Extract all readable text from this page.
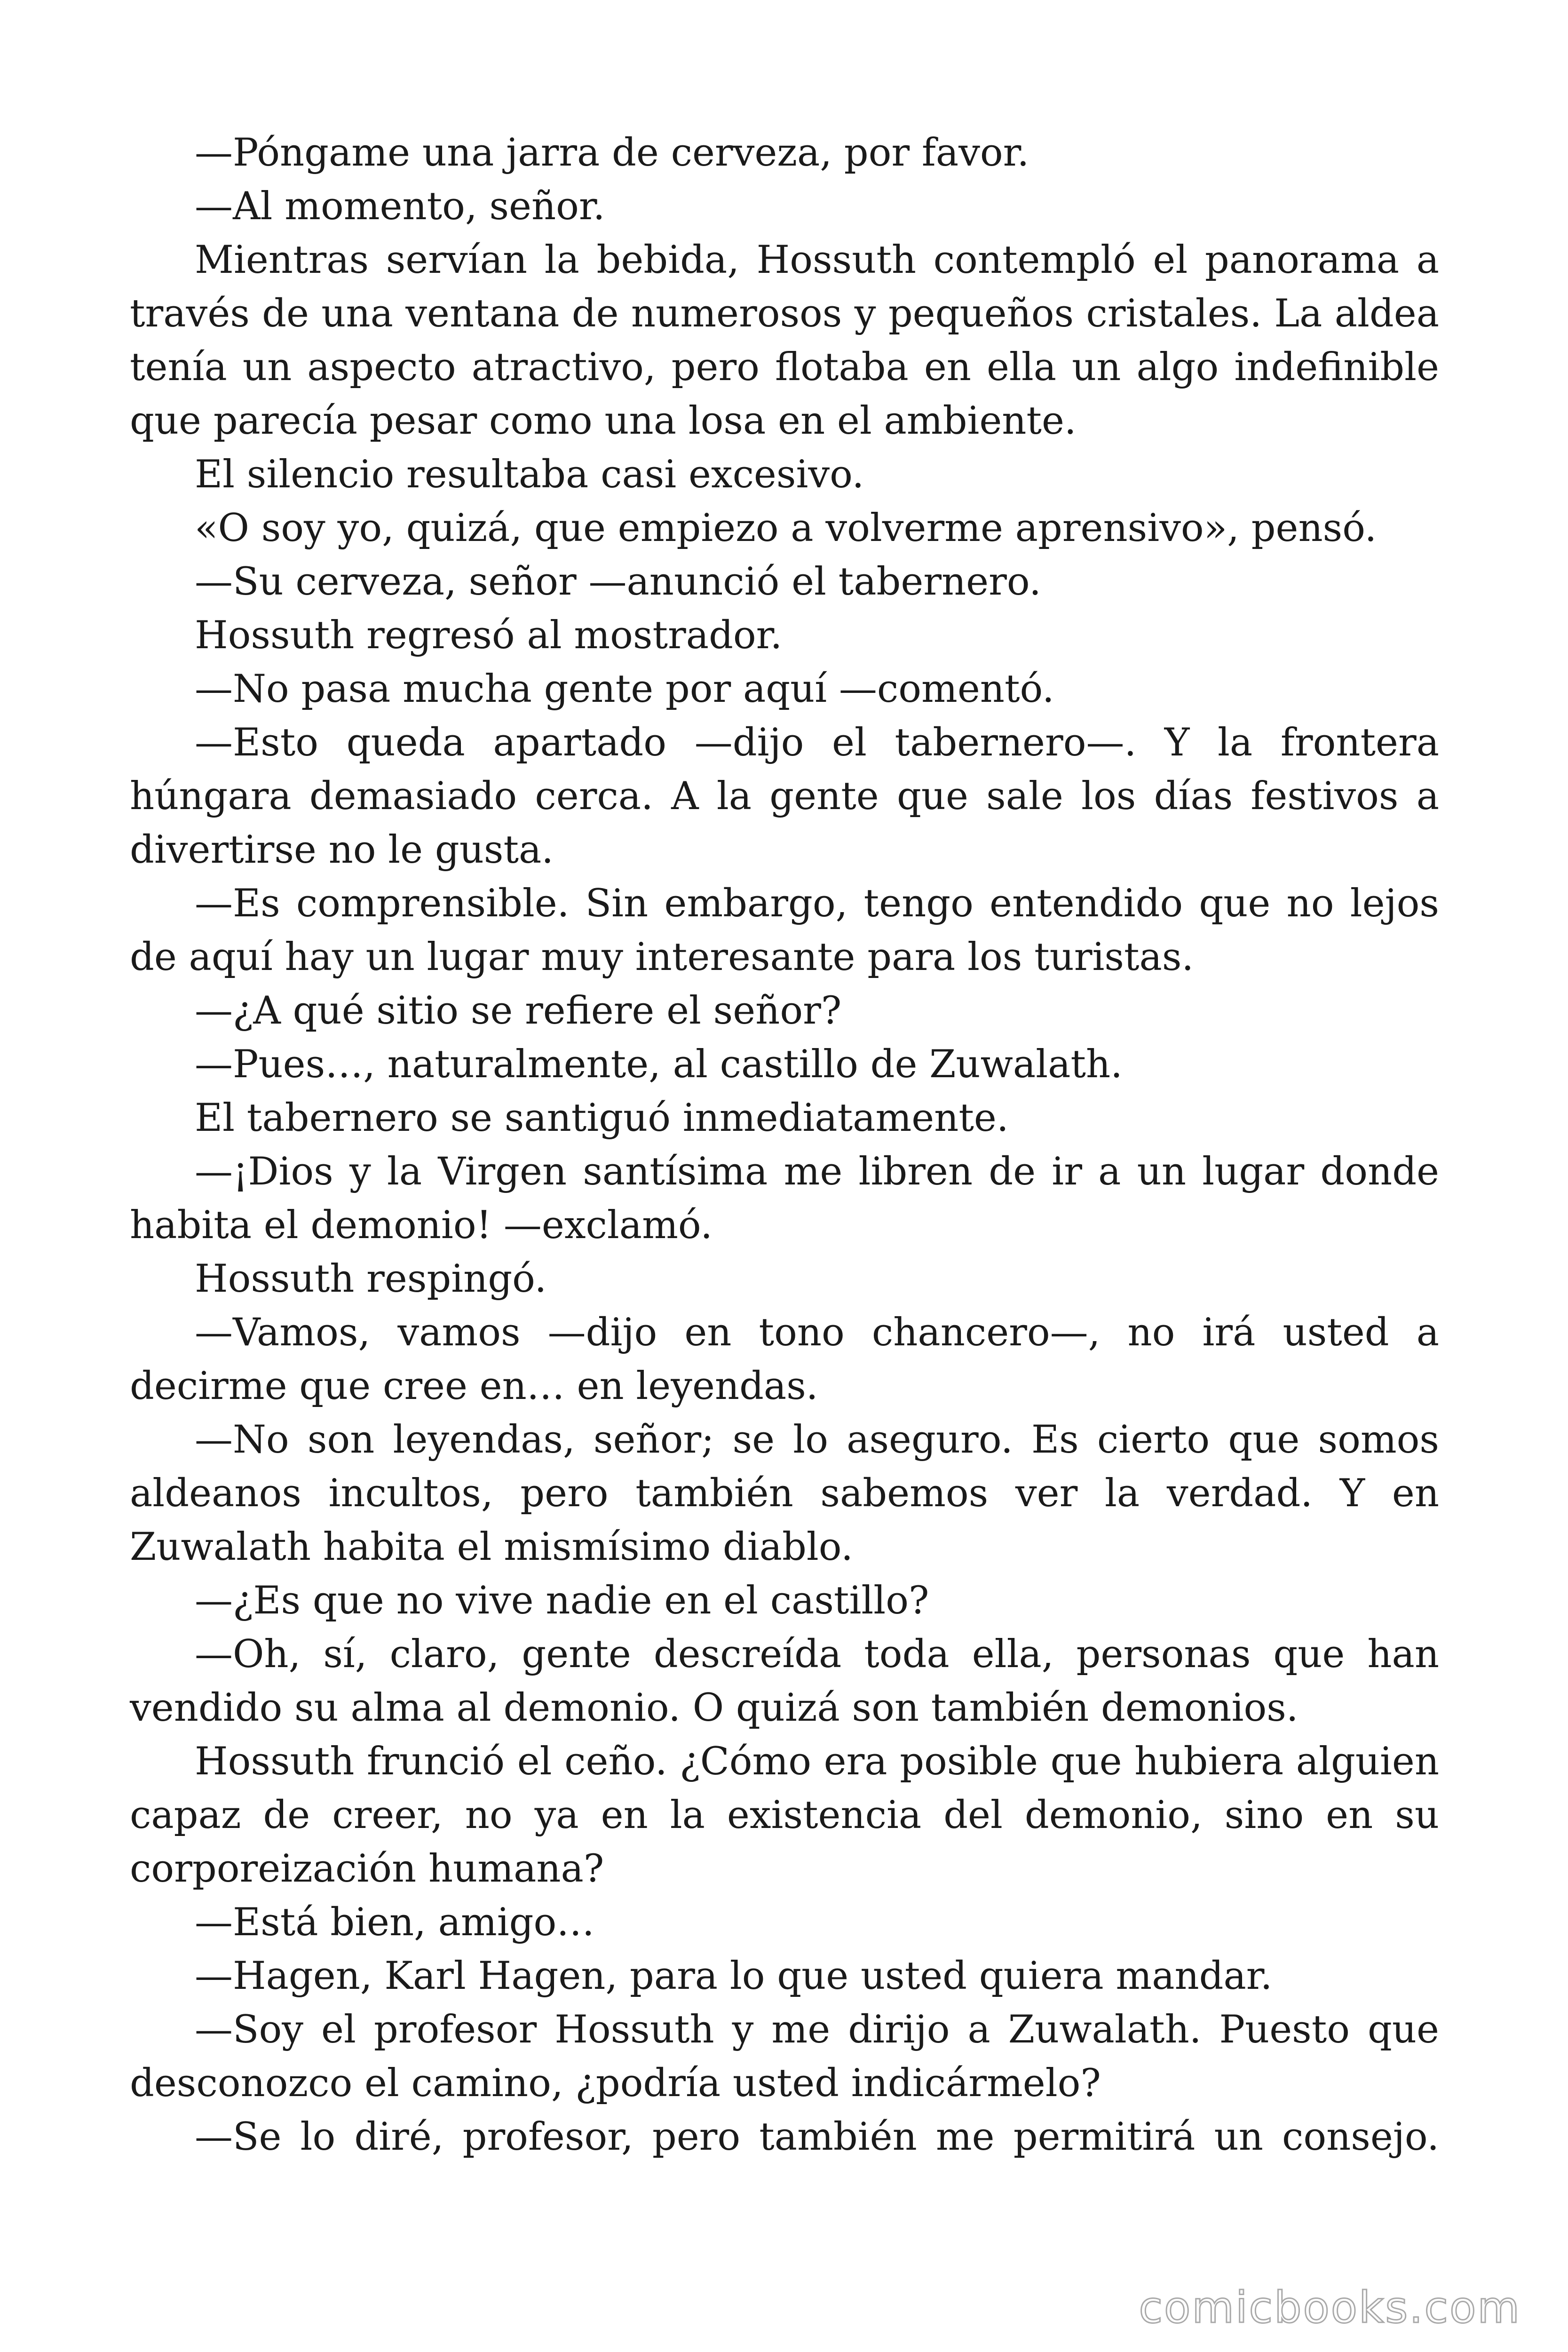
—Póngame una jarra de cerveza, por favor.

—Al momento, señor.

Mientras servían la bebida, Hossuth contempló el panorama a través de una ventana de numerosos y pequeños cristales. La aldea tenía un aspecto atractivo, pero flotaba en ella un algo indefinible que parecía pesar como una losa en el ambiente.

El silencio resultaba casi excesivo.

«O soy yo, quizá, que empiezo a volverme aprensivo», pensó.

—Su cerveza, señor —anunció el tabernero.

Hossuth regresó al mostrador.

—No pasa mucha gente por aquí —comentó.

—Esto queda apartado —dijo el tabernero—. Y la frontera húngara demasiado cerca. A la gente que sale los días festivos a divertirse no le gusta.

—Es comprensible. Sin embargo, tengo entendido que no lejos de aquí hay un lugar muy interesante para los turistas.

—¿A qué sitio se refiere el señor?

—Pues…, naturalmente, al castillo de Zuwalath.

El tabernero se santiguó inmediatamente.

—¡Dios y la Virgen santísima me libren de ir a un lugar donde habita el demonio! —exclamó.

Hossuth respingó.

—Vamos, vamos —dijo en tono chancero—, no irá usted a decirme que cree en… en leyendas.

—No son leyendas, señor; se lo aseguro. Es cierto que somos aldeanos incultos, pero también sabemos ver la verdad. Y en Zuwalath habita el mismísimo diablo.

—¿Es que no vive nadie en el castillo?

—Oh, sí, claro, gente descreída toda ella, personas que han vendido su alma al demonio. O quizá son también demonios.

Hossuth frunció el ceño. ¿Cómo era posible que hubiera alguien capaz de creer, no ya en la existencia del demonio, sino en su corporeización humana?

—Está bien, amigo…

—Hagen, Karl Hagen, para lo que usted quiera mandar.

—Soy el profesor Hossuth y me dirijo a Zuwalath. Puesto que desconozco el camino, ¿podría usted indicármelo?

—Se lo diré, profesor, pero también me permitirá un consejo.

comicbooks.com
